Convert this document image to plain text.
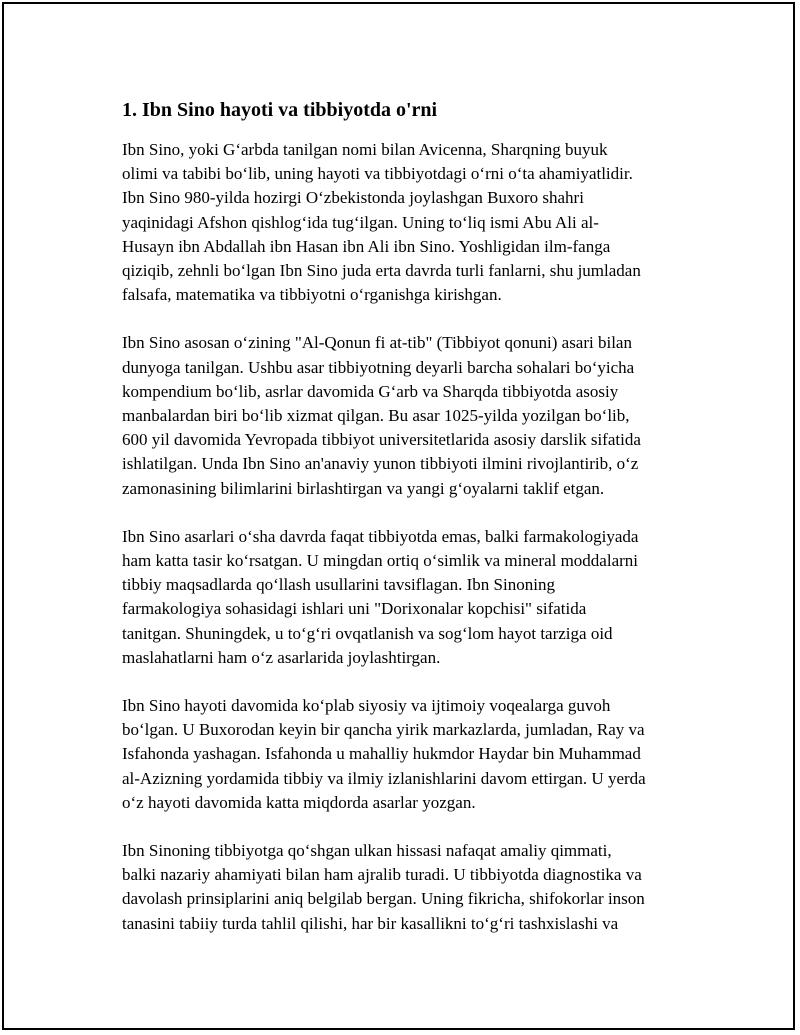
1. Ibn Sino hayoti va tibbiyotda o'rni

Ibn Sino, yoki G‘arbda tanilgan nomi bilan Avicenna, Sharqning buyuk
olimi va tabibi bo‘lib, uning hayoti va tibbiyotdagi o‘rni o‘ta ahamiyatlidir.
Ibn Sino 980-yilda hozirgi O‘zbekistonda joylashgan Buxoro shahri
yaqinidagi Afshon qishlog‘ida tug‘ilgan. Uning to‘liq ismi Abu Ali al-
Husayn ibn Abdallah ibn Hasan ibn Ali ibn Sino. Yoshligidan ilm-fanga
qiziqib, zehnli bo‘lgan Ibn Sino juda erta davrda turli fanlarni, shu jumladan
falsafa, matematika va tibbiyotni o‘rganishga kirishgan.

Ibn Sino asosan o‘zining "Al-Qonun fi at-tib" (Tibbiyot qonuni) asari bilan
dunyoga tanilgan. Ushbu asar tibbiyotning deyarli barcha sohalari bo‘yicha
kompendium bo‘lib, asrlar davomida G‘arb va Sharqda tibbiyotda asosiy
manbalardan biri bo‘lib xizmat qilgan. Bu asar 1025-yilda yozilgan bo‘lib,
600 yil davomida Yevropada tibbiyot universitetlarida asosiy darslik sifatida
ishlatilgan. Unda Ibn Sino an'anaviy yunon tibbiyoti ilmini rivojlantirib, o‘z
zamonasining bilimlarini birlashtirgan va yangi g‘oyalarni taklif etgan.

Ibn Sino asarlari o‘sha davrda faqat tibbiyotda emas, balki farmakologiyada
ham katta tasir ko‘rsatgan. U mingdan ortiq o‘simlik va mineral moddalarni
tibbiy maqsadlarda qo‘llash usullarini tavsiflagan. Ibn Sinoning
farmakologiya sohasidagi ishlari uni "Dorixonalar kopchisi" sifatida
tanitgan. Shuningdek, u to‘g‘ri ovqatlanish va sog‘lom hayot tarziga oid
maslahatlarni ham o‘z asarlarida joylashtirgan.

Ibn Sino hayoti davomida ko‘plab siyosiy va ijtimoiy voqealarga guvoh
bo‘lgan. U Buxorodan keyin bir qancha yirik markazlarda, jumladan, Ray va
Isfahonda yashagan. Isfahonda u mahalliy hukmdor Haydar bin Muhammad
al-Azizning yordamida tibbiy va ilmiy izlanishlarini davom ettirgan. U yerda
o‘z hayoti davomida katta miqdorda asarlar yozgan.

Ibn Sinoning tibbiyotga qo‘shgan ulkan hissasi nafaqat amaliy qimmati,
balki nazariy ahamiyati bilan ham ajralib turadi. U tibbiyotda diagnostika va
davolash prinsiplarini aniq belgilab bergan. Uning fikricha, shifokorlar inson
tanasini tabiiy turda tahlil qilishi, har bir kasallikni to‘g‘ri tashxislashi va
